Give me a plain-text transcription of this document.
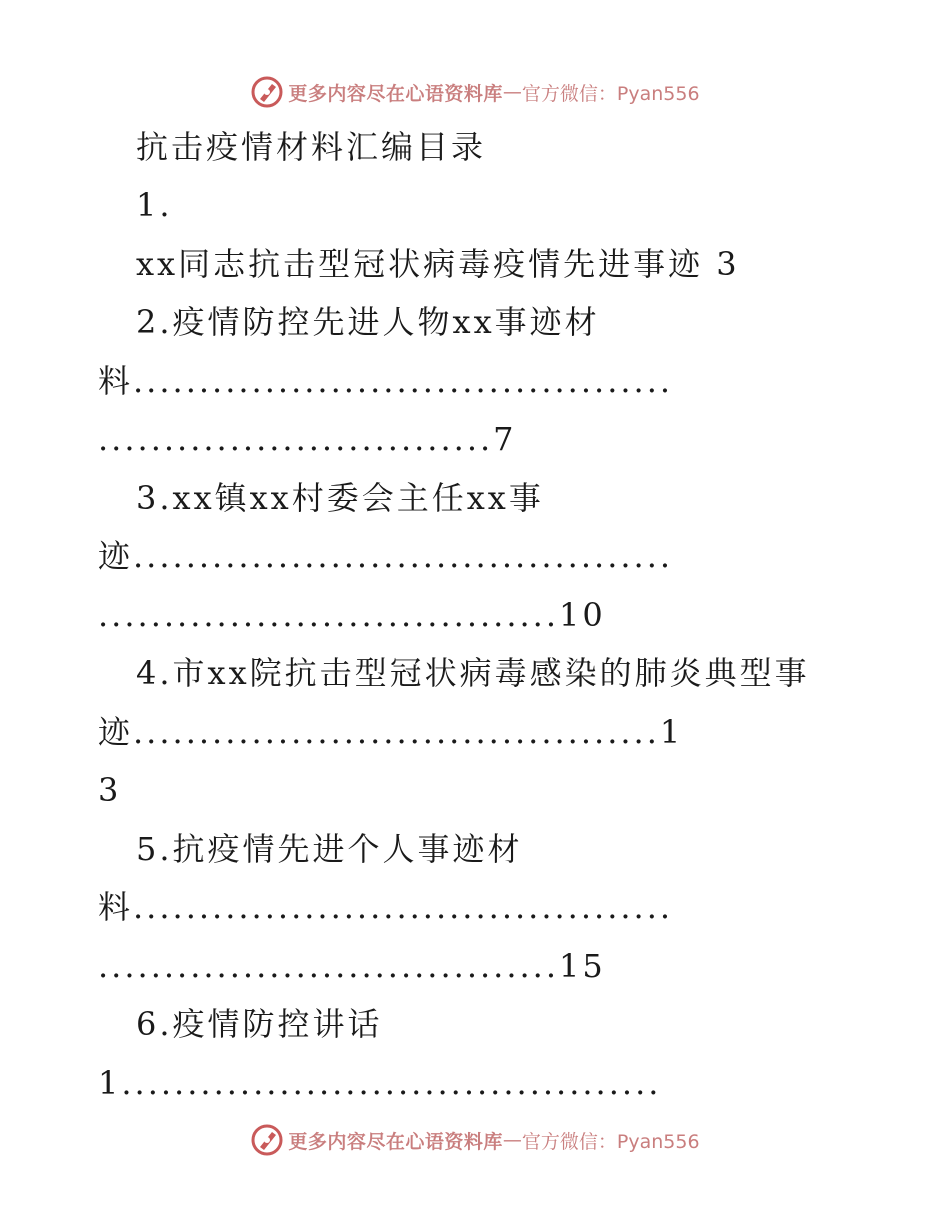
更多内容尽在心语资料库 — 官方微信：Pyan556
抗击疫情材料汇编目录
1.
xx同志抗击型冠状病毒疫情先进事迹 3
2.疫情防控先进人物xx事迹材
料.........................................
..............................7
3.xx镇xx村委会主任xx事
迹.........................................
...................................10
4.市xx院抗击型冠状病毒感染的肺炎典型事
迹........................................1
3
5.抗疫情先进个人事迹材
料.........................................
...................................15
6.疫情防控讲话
1.........................................
更多内容尽在心语资料库 — 官方微信：Pyan556
